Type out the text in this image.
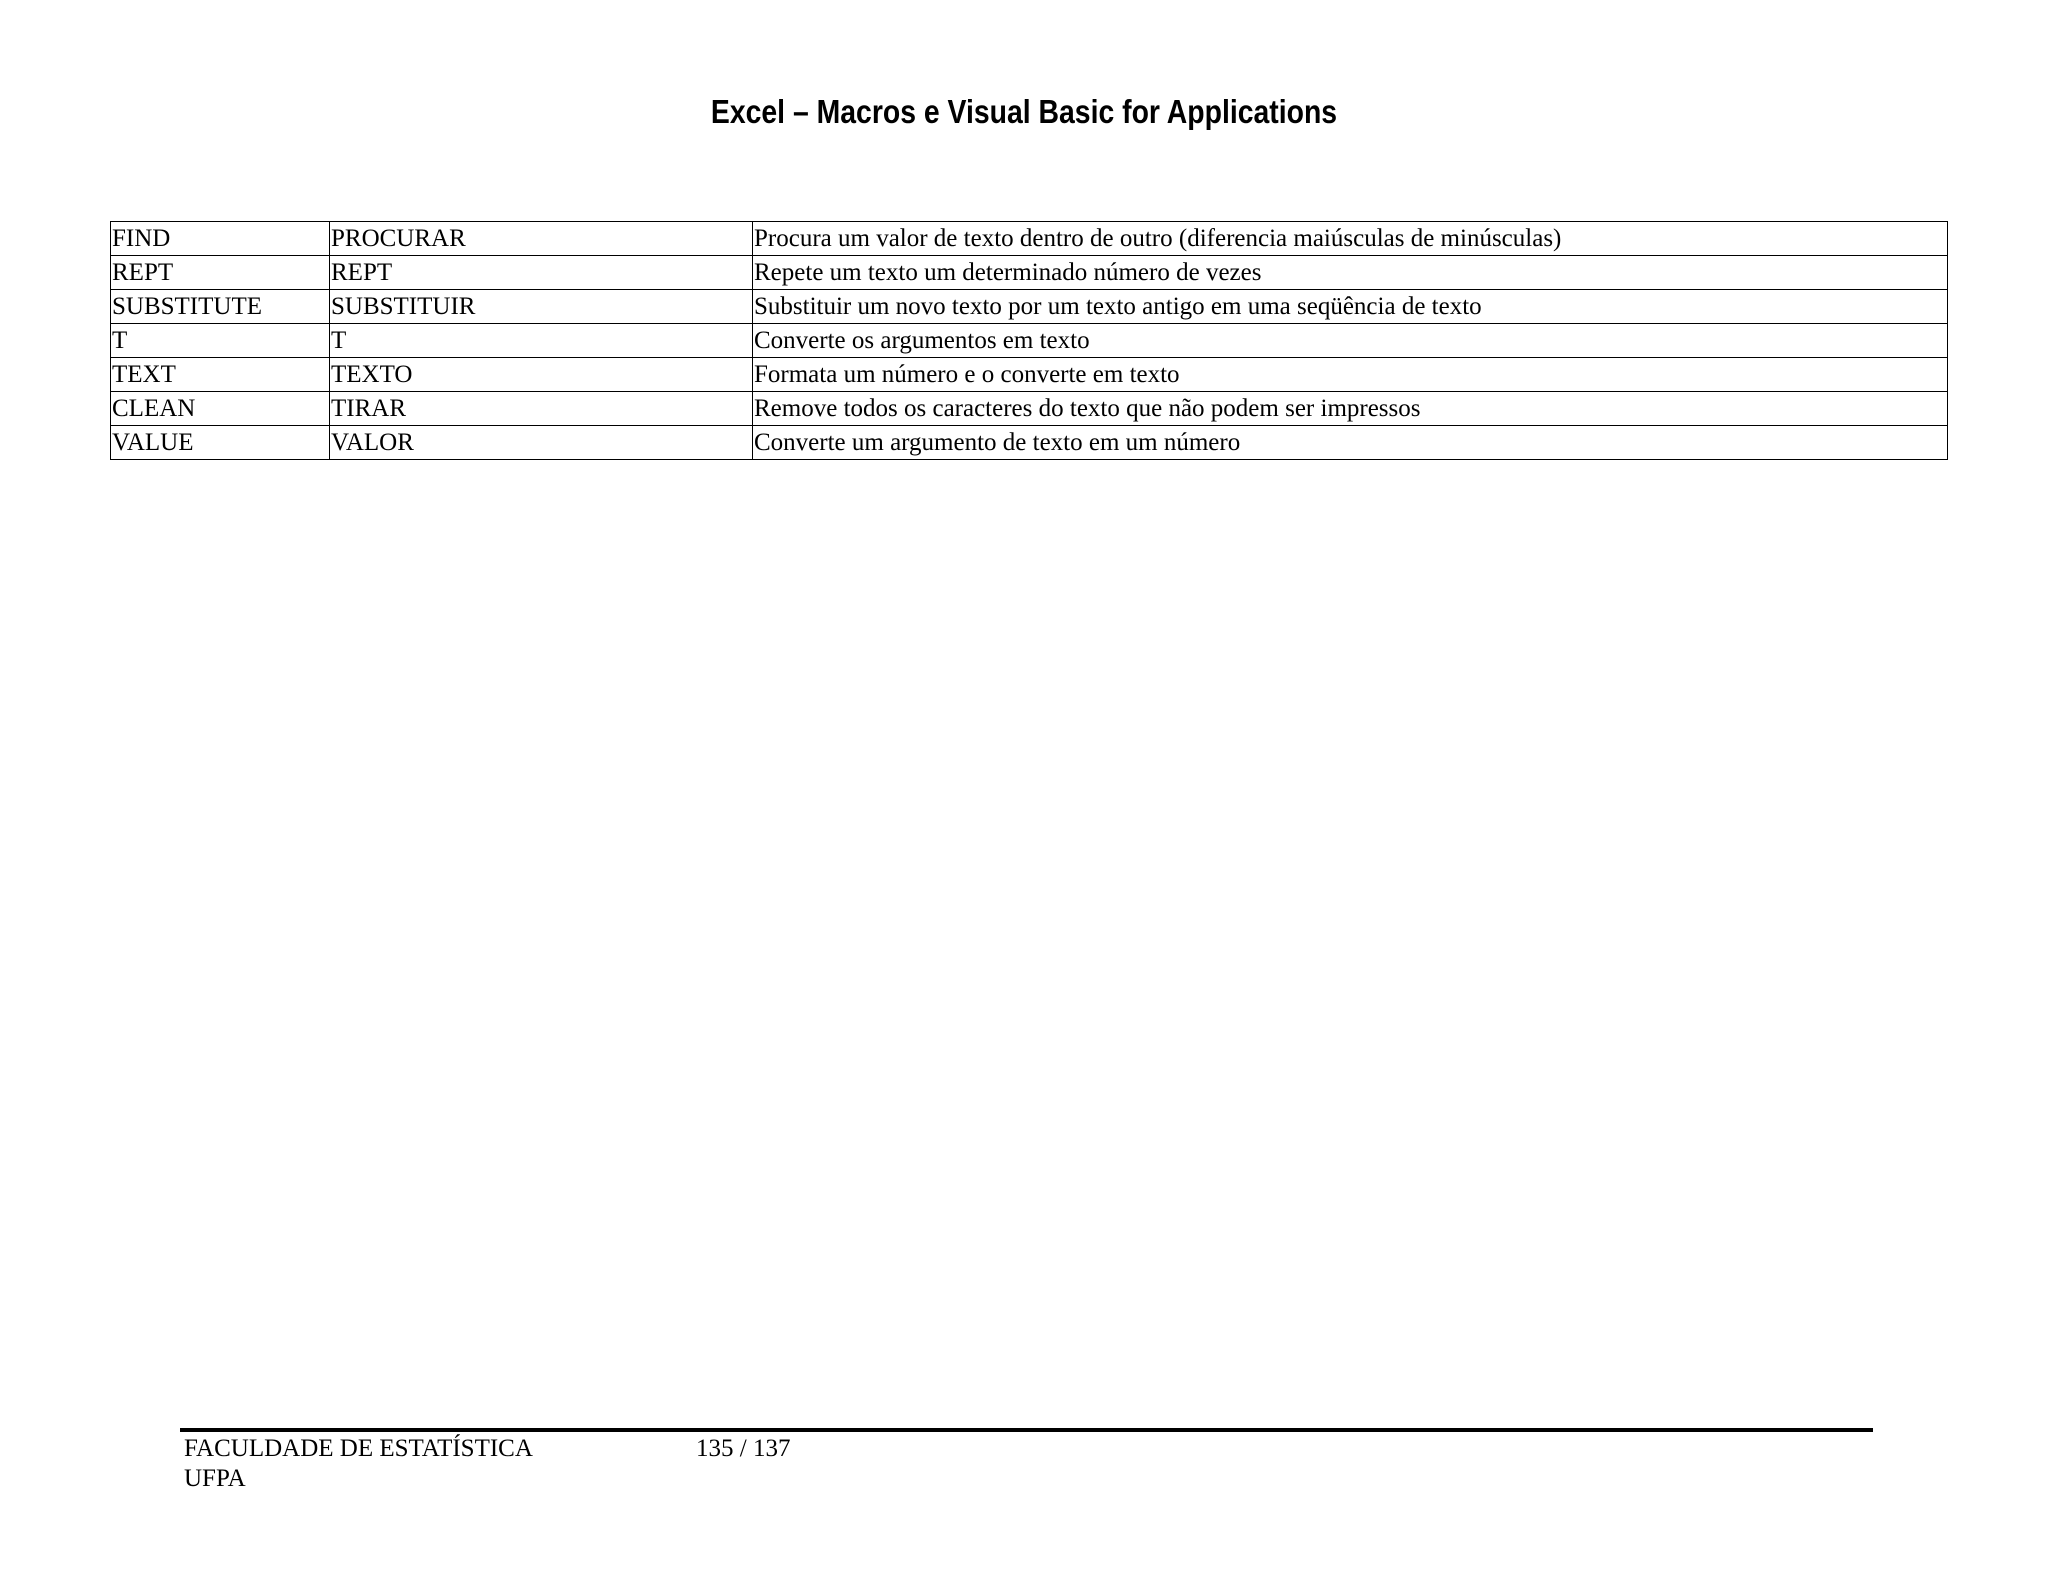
Excel – Macros e Visual Basic for Applications
FIND	PROCURAR	Procura um valor de texto dentro de outro (diferencia maiúsculas de minúsculas)
REPT	REPT	Repete um texto um determinado número de vezes
SUBSTITUTE	SUBSTITUIR	Substituir um novo texto por um texto antigo em uma seqüência de texto
T	T	Converte os argumentos em texto
TEXT	TEXTO	Formata um número e o converte em texto
CLEAN	TIRAR	Remove todos os caracteres do texto que não podem ser impressos
VALUE	VALOR	Converte um argumento de texto em um número
FACULDADE DE ESTATÍSTICA
UFPA
135 / 137
